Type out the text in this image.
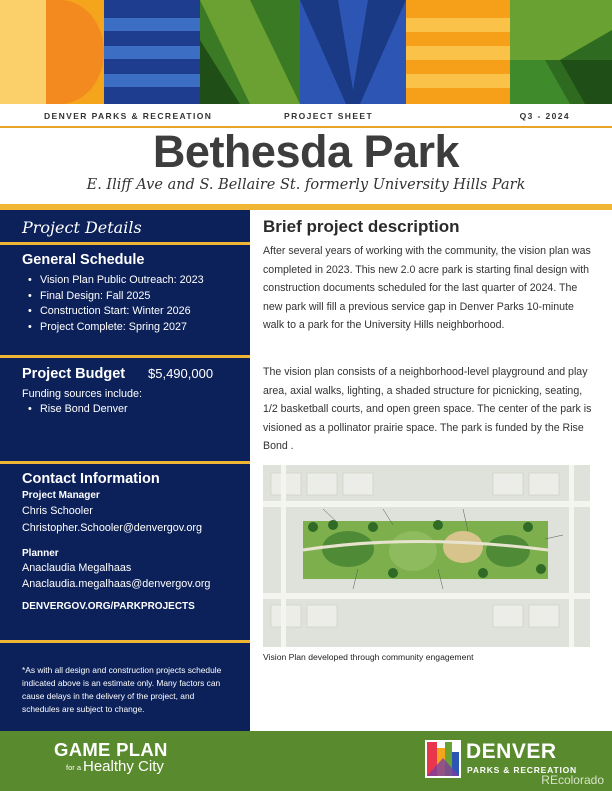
DENVER PARKS & RECREATION	PROJECT SHEET	Q3 - 2024
Bethesda Park
E. Iliff Ave and S. Bellaire St. formerly University Hills Park
Project Details
General Schedule
• Vision Plan Public Outreach: 2023
• Final Design: Fall 2025
• Construction Start: Winter 2026
• Project Complete: Spring 2027
Project Budget $5,490,000
Funding sources include:
• Rise Bond Denver
Contact Information
Project Manager
Chris Schooler
Christopher.Schooler@denvergov.org
Planner
Anaclaudia Megalhaas
Anaclaudia.megalhaas@denvergov.org
DENVERGOV.ORG/PARKPROJECTS
*As with all design and construction projects schedule indicated above is an estimate only. Many factors can cause delays in the delivery of the project, and schedules are subject to change.
Brief project description

After several years of working with the community, the vision plan was completed in 2023. This new 2.0 acre park is starting final design with construction documents scheduled for the last quarter of 2024. The new park will fill a previous service gap in Denver Parks 10-minute walk to a park for the University Hills neighborhood.

The vision plan consists of a neighborhood-level playground and play area, axial walks, lighting, a shaded structure for picnicking, seating, 1/2 basketball courts, and open green space. The center of the park is visioned as a pollinator prairie space. The park is funded by the Rise Bond .

Vision Plan developed through community engagement
GAME PLAN
for a Healthy City
DENVER
PARKS & RECREATION
REcolorado
